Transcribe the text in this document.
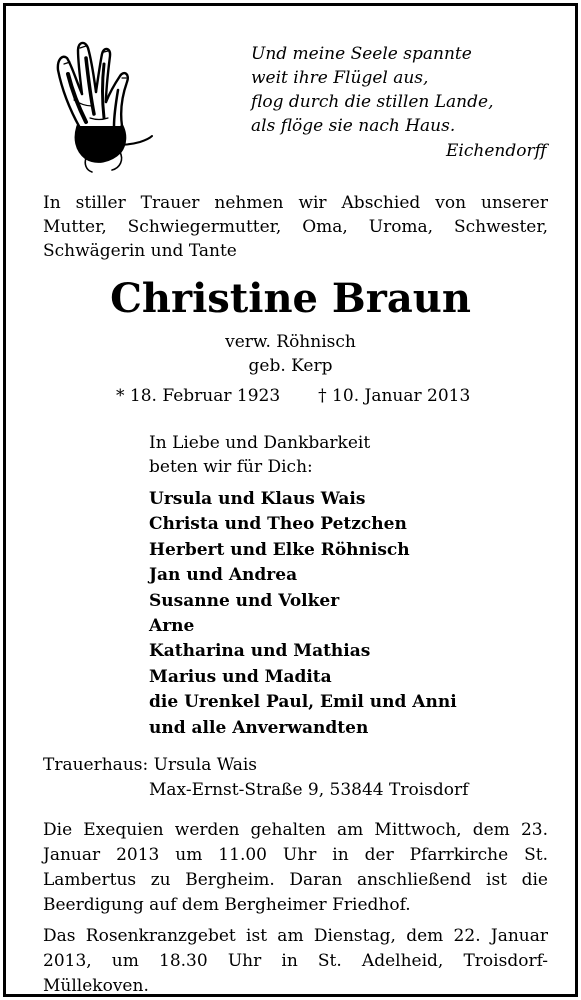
Und meine Seele spannte
weit ihre Flügel aus,
flog durch die stillen Lande,
als flöge sie nach Haus.
Eichendorff
In stiller Trauer nehmen wir Abschied von unserer Mutter, Schwiegermutter, Oma, Uroma, Schwester, Schwägerin und Tante
Christine Braun
verw. Röhnisch
geb. Kerp
* 18. Februar 1923 † 10. Januar 2013
In Liebe und Dankbarkeit
beten wir für Dich:
Ursula und Klaus Wais
Christa und Theo Petzchen
Herbert und Elke Röhnisch
Jan und Andrea
Susanne und Volker
Arne
Katharina und Mathias
Marius und Madita
die Urenkel Paul, Emil und Anni
und alle Anverwandten
Trauerhaus: Ursula Wais
Max-Ernst-Straße 9, 53844 Troisdorf
Die Exequien werden gehalten am Mittwoch, dem 23. Januar 2013 um 11.00 Uhr in der Pfarrkirche St. Lambertus zu Bergheim. Daran anschließend ist die Beerdigung auf dem Bergheimer Friedhof.
Das Rosenkranzgebet ist am Dienstag, dem 22. Januar 2013, um 18.30 Uhr in St. Adelheid, Troisdorf-Müllekoven.
